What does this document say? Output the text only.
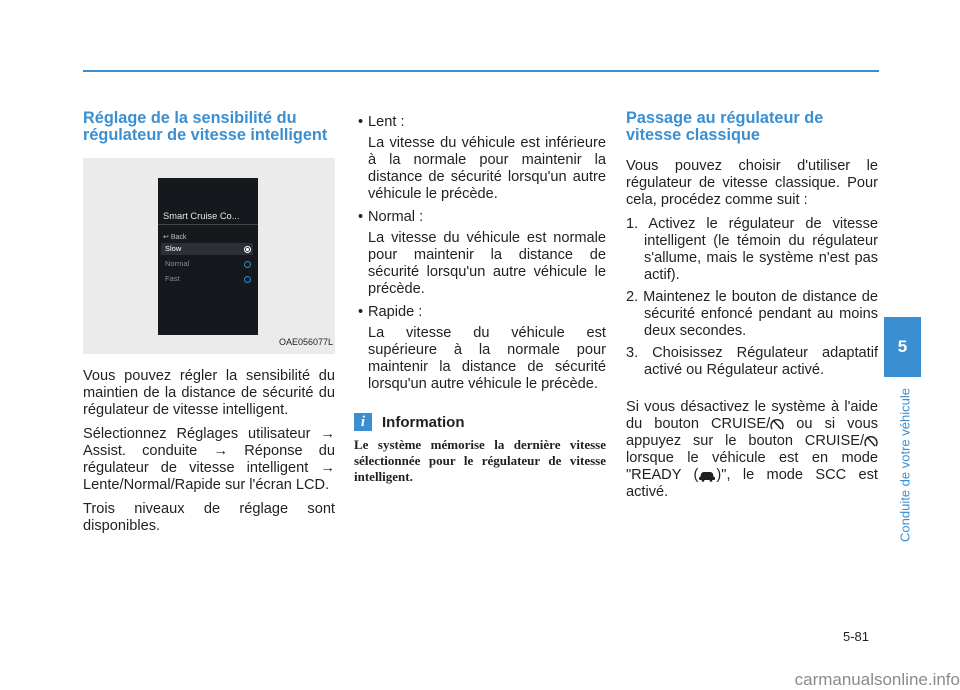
Réglage de la sensibilité du régulateur de vitesse intelligent
Smart Cruise Co...
↩ Back
Slow
Normal
Fast
OAE056077L

Vous pouvez régler la sensibilité du maintien de la distance de sécurité du régulateur de vitesse intelligent.

Sélectionnez Réglages utilisateur → Assist. conduite → Réponse du régulateur de vitesse intelligent → Lente/Normal/Rapide sur l'écran LCD.

Trois niveaux de réglage sont disponibles.

• Lent :
La vitesse du véhicule est inférieure à la normale pour maintenir la distance de sécurité lorsqu'un autre véhicule le précède.
• Normal :
La vitesse du véhicule est normale pour maintenir la distance de sécurité lorsqu'un autre véhicule le précède.
• Rapide :
La vitesse du véhicule est supérieure à la normale pour maintenir la distance de sécurité lorsqu'un autre véhicule le précède.
i	Information
Le système mémorise la dernière vitesse sélectionnée pour le régulateur de vitesse intelligent.
Passage au régulateur de vitesse classique

Vous pouvez choisir d'utiliser le régulateur de vitesse classique. Pour cela, procédez comme suit :

1. Activez le régulateur de vitesse intelligent (le témoin du régulateur s'allume, mais le système n'est pas actif).
2. Maintenez le bouton de distance de sécurité enfoncé pendant au moins deux secondes.
3. Choisissez Régulateur adaptatif activé ou Régulateur activé.

Si vous désactivez le système à l'aide du bouton CRUISE/ ou si vous appuyez sur le bouton CRUISE/ lorsque le véhicule est en mode "READY ( )", le mode SCC est activé.

5
Conduite de votre véhicule
5-81
carmanualsonline.info
